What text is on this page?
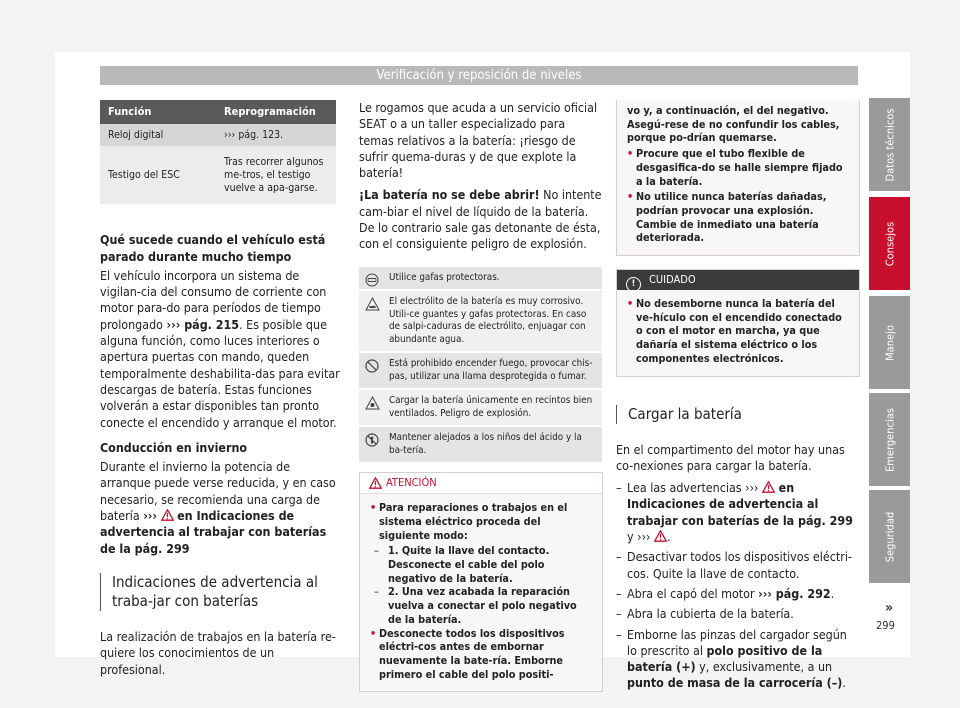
Verificación y reposición de niveles
Función	Reprogramación
Reloj digital	››› pág. 123.
Testigo del ESC	Tras recorrer algunos me-tros, el testigo vuelve a apa-garse.

Qué sucede cuando el vehículo está parado durante mucho tiempo

El vehículo incorpora un sistema de vigilan-cia del consumo de corriente con motor para-do para períodos de tiempo prolongado ››› pág. 215. Es posible que alguna función, como luces interiores o apertura puertas con mando, queden temporalmente deshabilita-das para evitar descargas de batería. Estas funciones volverán a estar disponibles tan pronto conecte el encendido y arranque el motor.

Conducción en invierno

Durante el invierno la potencia de arranque puede verse reducida, y en caso necesario, se recomienda una carga de batería ››› en Indicaciones de advertencia al trabajar con baterías de la pág. 299

Indicaciones de advertencia al traba-jar con baterías

La realización de trabajos en la batería re-quiere los conocimientos de un profesional.

Le rogamos que acuda a un servicio oficial SEAT o a un taller especializado para temas relativos a la batería: ¡riesgo de sufrir quema-duras y de que explote la batería!

¡La batería no se debe abrir! No intente cam-biar el nivel de líquido de la batería. De lo contrario sale gas detonante de ésta, con el consiguiente peligro de explosión.

Utilice gafas protectoras.
El electrólito de la batería es muy corrosivo. Utili-ce guantes y gafas protectoras. En caso de salpi-caduras de electrólito, enjuagar con abundante agua.
Está prohibido encender fuego, provocar chis-pas, utilizar una llama desprotegida o fumar.
Cargar la batería únicamente en recintos bien ventilados. Peligro de explosión.
Mantener alejados a los niños del ácido y la ba-tería.
ATENCIÓN
• Para reparaciones o trabajos en el sistema eléctrico proceda del siguiente modo:
– 1. Quite la llave del contacto. Desconecte el cable del polo negativo de la batería.
– 2. Una vez acabada la reparación vuelva a conectar el polo negativo de la batería.
• Desconecte todos los dispositivos eléctri-cos antes de embornar nuevamente la bate-ría. Emborne primero el cable del polo positi-
vo y, a continuación, el del negativo. Asegú-rese de no confundir los cables, porque po-drían quemarse.
• Procure que el tubo flexible de desgasifica-do se halle siempre fijado a la batería.
• No utilice nunca baterías dañadas, podrían provocar una explosión. Cambie de inmediato una batería deteriorada.
!	CUIDADO
• No desemborne nunca la batería del ve-hículo con el encendido conectado o con el motor en marcha, ya que dañaría el sistema eléctrico o los componentes electrónicos.
Cargar la batería

En el compartimento del motor hay unas co-nexiones para cargar la batería.

– Lea las advertencias ››› en Indicaciones de advertencia al trabajar con baterías de la pág. 299 y ››› .
– Desactivar todos los dispositivos eléctri-cos. Quite la llave de contacto.
– Abra el capó del motor ››› pág. 292.
– Abra la cubierta de la batería.
– Emborne las pinzas del cargador según lo prescrito al polo positivo de la batería (+) y, exclusivamente, a un punto de masa de la carrocería (–).
Datos técnicos
Consejos
Manejo
Emergencias
Seguridad
»
299
